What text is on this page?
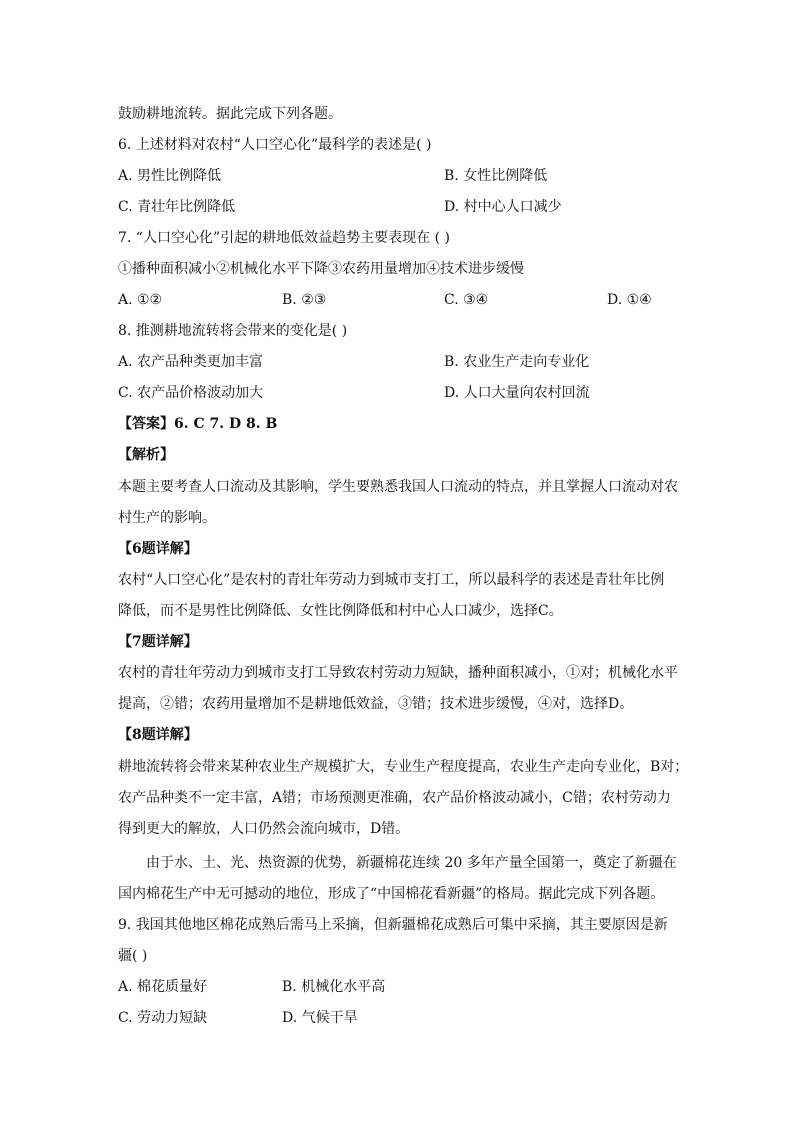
鼓励耕地流转。据此完成下列各题。
6. 上述材料对农村“人口空心化”最科学的表述是( )
A. 男性比例降低	B. 女性比例降低
C. 青壮年比例降低	D. 村中心人口减少
7. “人口空心化”引起的耕地低效益趋势主要表现在 ( )
①播种面积减小②机械化水平下降③农药用量增加④技术进步缓慢
A. ①②	B. ②③	C. ③④	D. ①④
8. 推测耕地流转将会带来的变化是( )
A. 农产品种类更加丰富	B. 农业生产走向专业化
C. 农产品价格波动加大	D. 人口大量向农村回流
【答案】6. C 7. D 8. B
【解析】
本题主要考查人口流动及其影响，学生要熟悉我国人口流动的特点，并且掌握人口流动对农
村生产的影响。
【6题详解】
农村“人口空心化”是农村的青壮年劳动力到城市支打工，所以最科学的表述是青壮年比例
降低，而不是男性比例降低、女性比例降低和村中心人口减少，选择C。
【7题详解】
农村的青壮年劳动力到城市支打工导致农村劳动力短缺，播种面积减小，①对；机械化水平
提高，②错；农药用量增加不是耕地低效益，③错；技术进步缓慢，④对，选择D。
【8题详解】
耕地流转将会带来某种农业生产规模扩大，专业生产程度提高，农业生产走向专业化，B对；
农产品种类不一定丰富，A错；市场预测更准确，农产品价格波动减小，C错；农村劳动力
得到更大的解放，人口仍然会流向城市，D错。
由于水、土、光、热资源的优势，新疆棉花连续 20 多年产量全国第一，奠定了新疆在
国内棉花生产中无可撼动的地位，形成了“中国棉花看新疆”的格局。据此完成下列各题。
9. 我国其他地区棉花成熟后需马上采摘，但新疆棉花成熟后可集中采摘，其主要原因是新
疆( )
A. 棉花质量好	B. 机械化水平高
C. 劳动力短缺	D. 气候干旱
